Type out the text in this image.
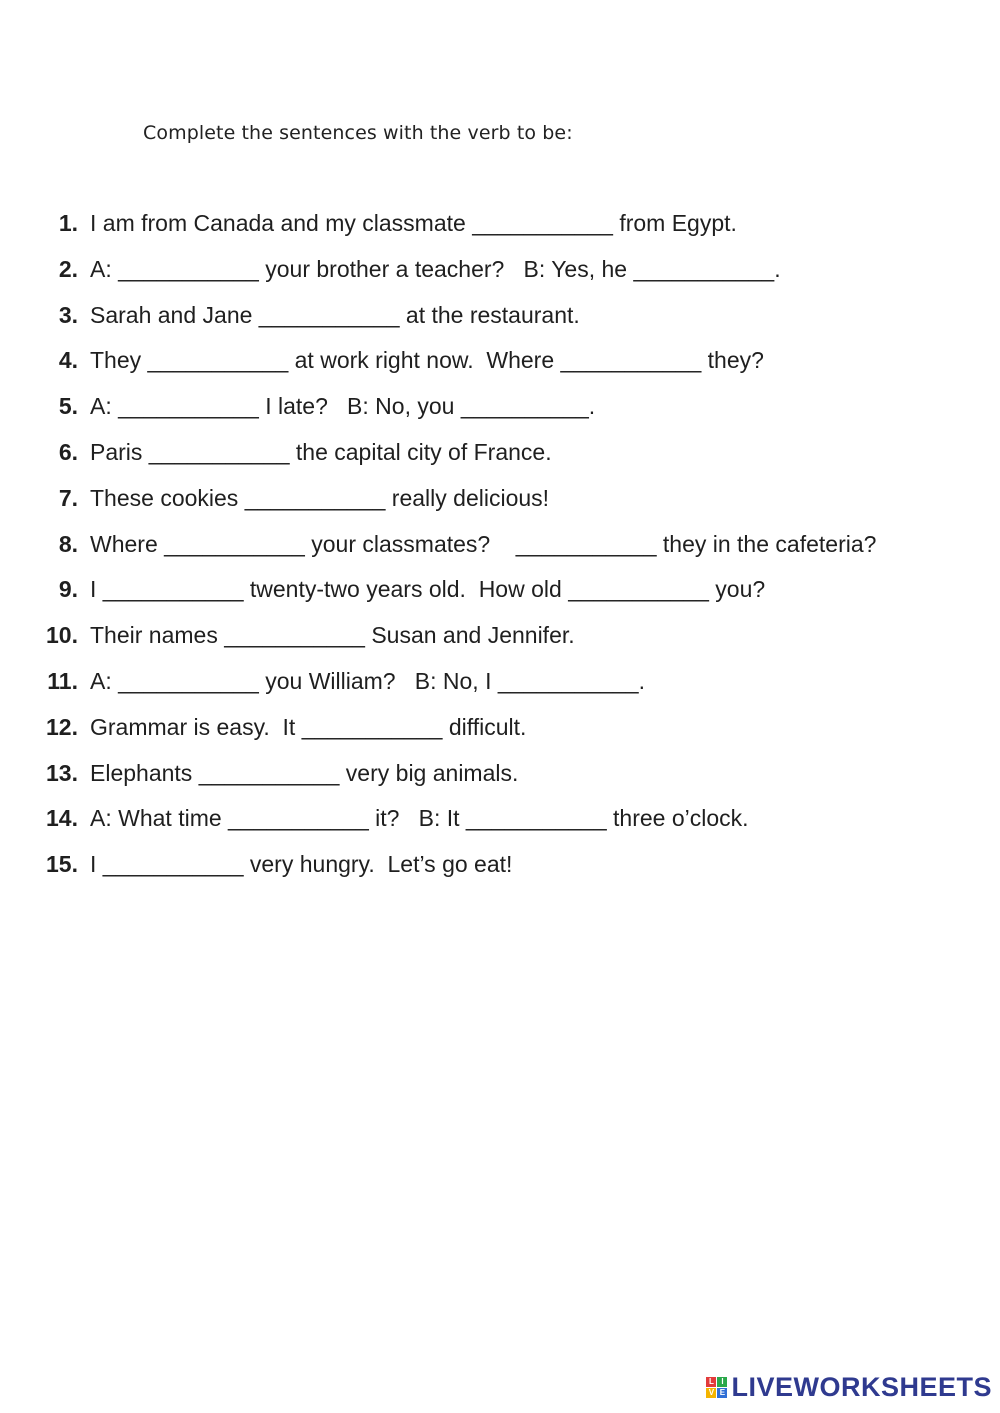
Complete the sentences with the verb to be:
1. I am from Canada and my classmate ___________ from Egypt.
2. A: ___________ your brother a teacher?   B: Yes, he ___________ .
3. Sarah and Jane ___________ at the restaurant.
4. They ___________ at work right now.  Where ___________ they?
5. A: ___________ I late?   B: No, you __________ .
6. Paris ___________ the capital city of France.
7. These cookies ___________ really delicious!
8. Where ___________ your classmates? ___________ they in the cafeteria?
9. I ___________ twenty-two years old.  How old ___________ you?
10. Their names ___________ Susan and Jennifer.
11. A: ___________ you William?   B: No, I ___________ .
12. Grammar is easy.  It ___________ difficult.
13. Elephants ___________ very big animals.
14. A: What time ___________ it?   B: It ___________ three o’clock.
15. I ___________ very hungry.  Let’s go eat!
L I
V E LIVEWORKSHEETS
